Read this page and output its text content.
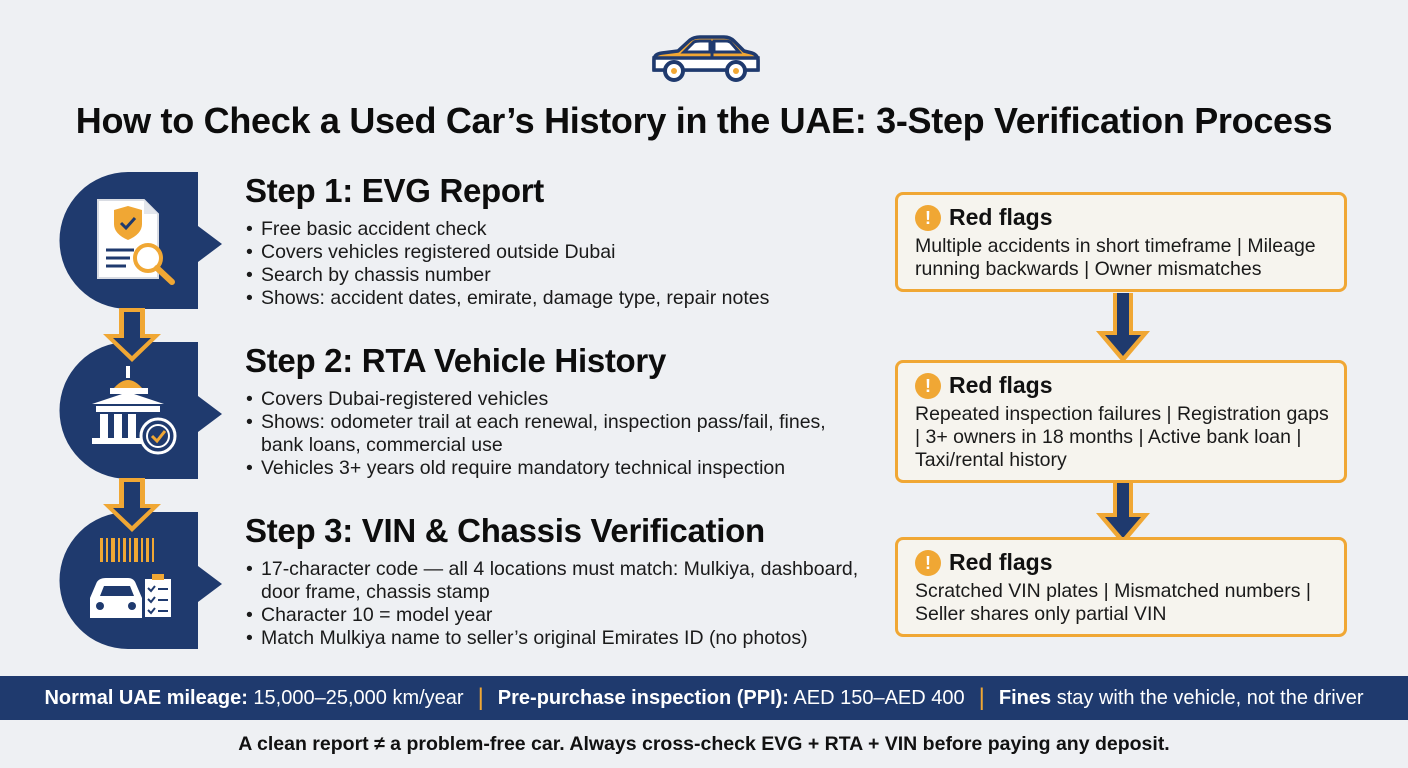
How to Check a Used Car’s History in the UAE: 3-Step Verification Process
Step 1: EVG Report
• Free basic accident check
• Covers vehicles registered outside Dubai
• Search by chassis number
• Shows: accident dates, emirate, damage type, repair notes
Step 2: RTA Vehicle History
• Covers Dubai-registered vehicles
• Shows: odometer trail at each renewal, inspection pass/fail, fines, bank loans, commercial use
• Vehicles 3+ years old require mandatory technical inspection
Step 3: VIN & Chassis Verification
• 17-character code — all 4 locations must match: Mulkiya, dashboard, door frame, chassis stamp
• Character 10 = model year
• Match Mulkiya name to seller’s original Emirates ID (no photos)
! Red flags
Multiple accidents in short timeframe | Mileage running backwards | Owner mismatches
! Red flags
Repeated inspection failures | Registration gaps | 3+ owners in 18 months | Active bank loan | Taxi/rental history
! Red flags
Scratched VIN plates | Mismatched numbers | Seller shares only partial VIN
Normal UAE mileage: 15,000–25,000 km/year | Pre-purchase inspection (PPI): AED 150–AED 400 | Fines stay with the vehicle, not the driver
A clean report ≠ a problem-free car. Always cross-check EVG + RTA + VIN before paying any deposit.
